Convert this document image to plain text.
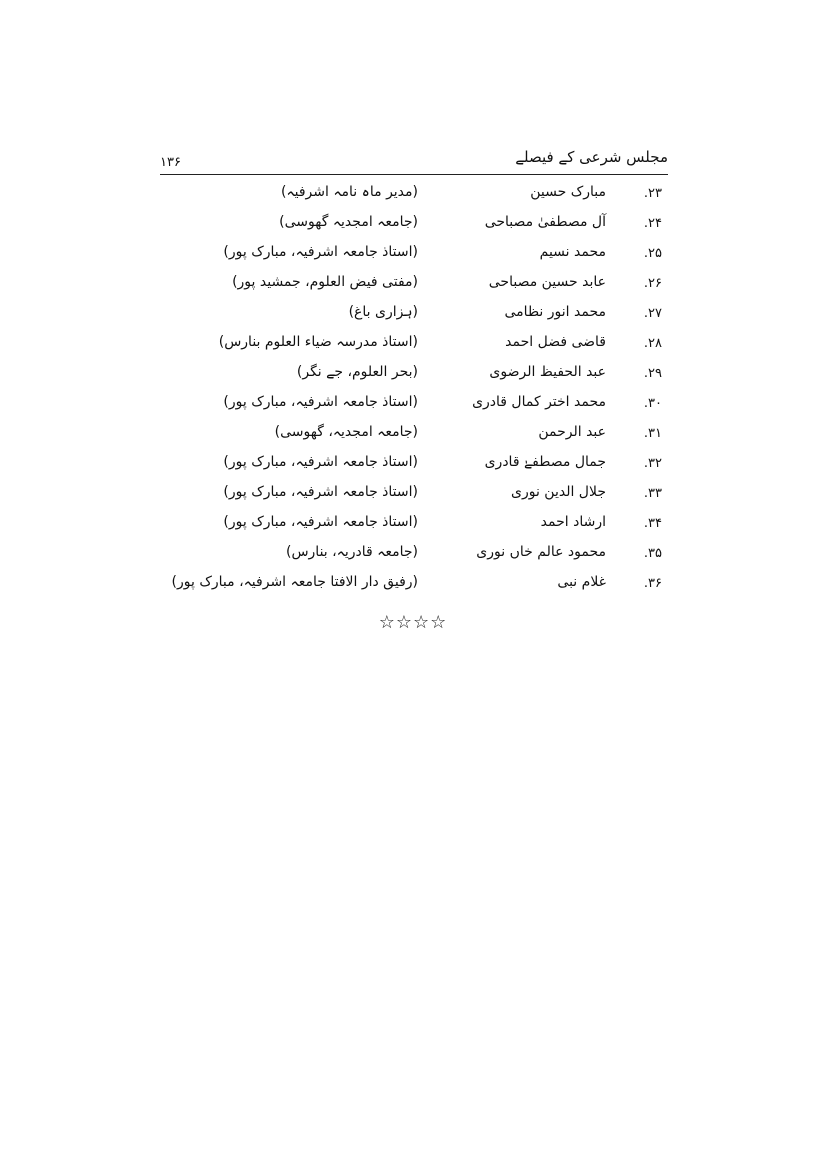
مجلس شرعی کے فیصلے
۱۳۶
۲۳.
مبارک حسین
(مدیر ماہ نامہ اشرفیہ)
۲۴.
آل مصطفیٰ مصباحی
(جامعہ امجدیہ گھوسی)
۲۵.
محمد نسیم
(استاذ جامعہ اشرفیہ، مبارک پور)
۲۶.
عابد حسین مصباحی
(مفتی فیض العلوم، جمشید پور)
۲۷.
محمد انور نظامی
(ہزاری باغ)
۲۸.
قاضی فضل احمد
(استاذ مدرسہ ضیاء العلوم بنارس)
۲۹.
عبد الحفیظ الرضوی
(بحر العلوم، جے نگر)
۳۰.
محمد اختر کمال قادری
(استاذ جامعہ اشرفیہ، مبارک پور)
۳۱.
عبد الرحمن
(جامعہ امجدیہ، گھوسی)
۳۲.
جمال مصطفےٰ قادری
(استاذ جامعہ اشرفیہ، مبارک پور)
۳۳.
جلال الدین نوری
(استاذ جامعہ اشرفیہ، مبارک پور)
۳۴.
ارشاد احمد
(استاذ جامعہ اشرفیہ، مبارک پور)
۳۵.
محمود عالم خاں نوری
(جامعہ قادریہ، بنارس)
۳۶.
غلام نبی
(رفیق دار الافتا جامعہ اشرفیہ، مبارک پور)
☆☆☆☆
